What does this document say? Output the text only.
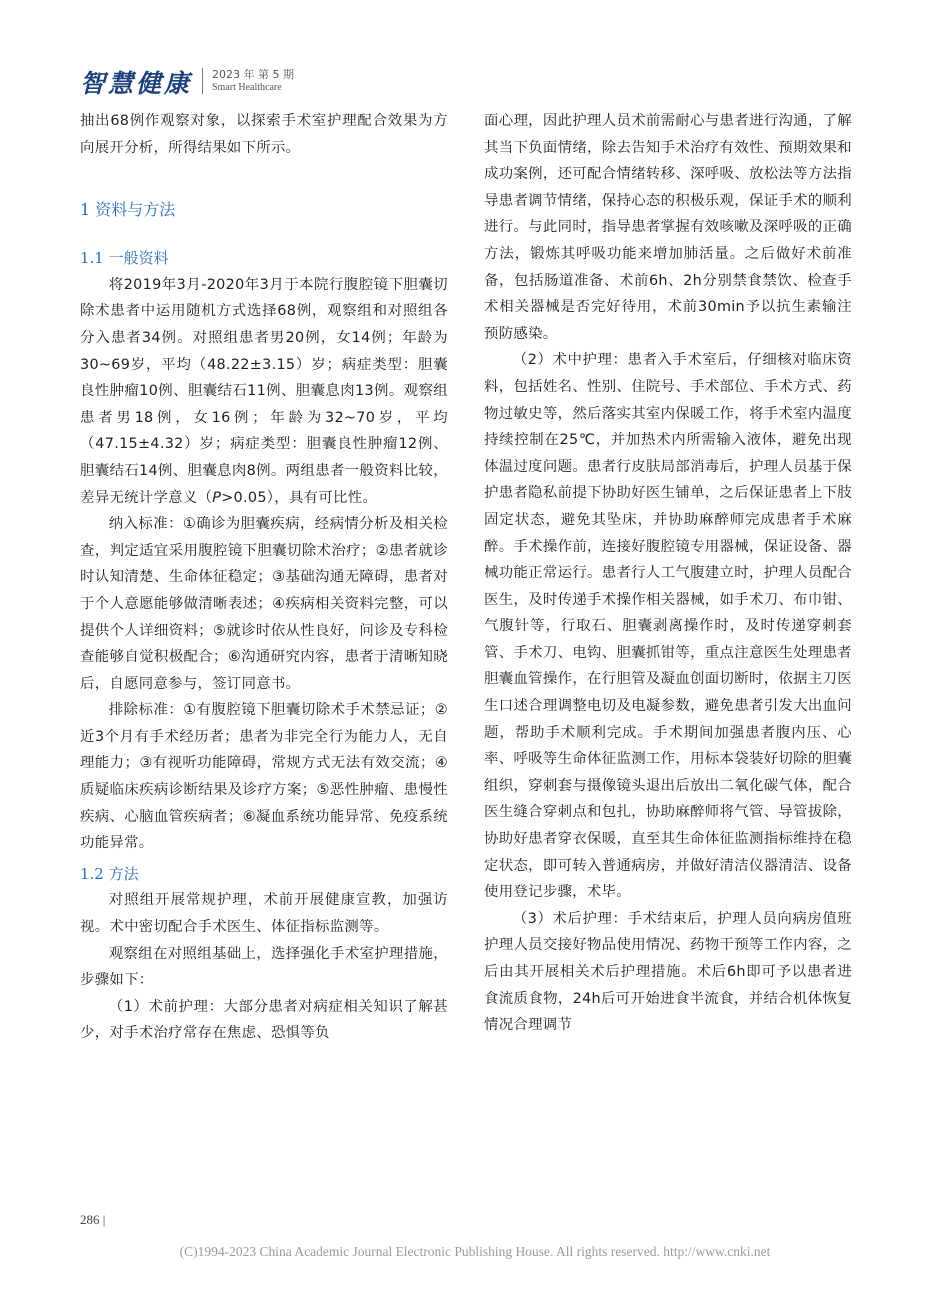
智慧健康 2023 年 第 5 期
Smart Healthcare

抽出68例作观察对象，以探索手术室护理配合效果为方向展开分析，所得结果如下所示。

1 资料与方法
1.1 一般资料

将2019年3月-2020年3月于本院行腹腔镜下胆囊切除术患者中运用随机方式选择68例，观察组和对照组各分入患者34例。对照组患者男20例，女14例；年龄为30~69岁，平均（48.22±3.15）岁；病症类型：胆囊良性肿瘤10例、胆囊结石11例、胆囊息肉13例。观察组患者男18例，女16例；年龄为32~70岁，平均（47.15±4.32）岁；病症类型：胆囊良性肿瘤12例、胆囊结石14例、胆囊息肉8例。两组患者一般资料比较，差异无统计学意义（P>0.05），具有可比性。

纳入标准：①确诊为胆囊疾病，经病情分析及相关检查，判定适宜采用腹腔镜下胆囊切除术治疗；②患者就诊时认知清楚、生命体征稳定；③基础沟通无障碍，患者对于个人意愿能够做清晰表述；④疾病相关资料完整，可以提供个人详细资料；⑤就诊时依从性良好，问诊及专科检查能够自觉积极配合；⑥沟通研究内容，患者于清晰知晓后，自愿同意参与，签订同意书。

排除标准：①有腹腔镜下胆囊切除术手术禁忌证；②近3个月有手术经历者；患者为非完全行为能力人，无自理能力；③有视听功能障碍，常规方式无法有效交流；④质疑临床疾病诊断结果及诊疗方案；⑤恶性肿瘤、患慢性疾病、心脑血管疾病者；⑥凝血系统功能异常、免疫系统功能异常。

1.2 方法

对照组开展常规护理，术前开展健康宣教，加强访视。术中密切配合手术医生、体征指标监测等。

观察组在对照组基础上，选择强化手术室护理措施，步骤如下：

（1）术前护理：大部分患者对病症相关知识了解甚少，对手术治疗常存在焦虑、恐惧等负

面心理，因此护理人员术前需耐心与患者进行沟通，了解其当下负面情绪，除去告知手术治疗有效性、预期效果和成功案例，还可配合情绪转移、深呼吸、放松法等方法指导患者调节情绪，保持心态的积极乐观，保证手术的顺利进行。与此同时，指导患者掌握有效咳嗽及深呼吸的正确方法，锻炼其呼吸功能来增加肺活量。之后做好术前准备，包括肠道准备、术前6h、2h分别禁食禁饮、检查手术相关器械是否完好待用，术前30min予以抗生素输注预防感染。

（2）术中护理：患者入手术室后，仔细核对临床资料，包括姓名、性别、住院号、手术部位、手术方式、药物过敏史等，然后落实其室内保暖工作，将手术室内温度持续控制在25℃，并加热术内所需输入液体，避免出现体温过度问题。患者行皮肤局部消毒后，护理人员基于保护患者隐私前提下协助好医生铺单，之后保证患者上下肢固定状态，避免其坠床，并协助麻醉师完成患者手术麻醉。手术操作前，连接好腹腔镜专用器械，保证设备、器械功能正常运行。患者行人工气腹建立时，护理人员配合医生，及时传递手术操作相关器械，如手术刀、布巾钳、气腹针等，行取石、胆囊剥离操作时，及时传递穿刺套管、手术刀、电钩、胆囊抓钳等，重点注意医生处理患者胆囊血管操作，在行胆管及凝血创面切断时，依据主刀医生口述合理调整电切及电凝参数，避免患者引发大出血问题，帮助手术顺利完成。手术期间加强患者腹内压、心率、呼吸等生命体征监测工作，用标本袋装好切除的胆囊组织，穿刺套与摄像镜头退出后放出二氧化碳气体，配合医生缝合穿刺点和包扎，协助麻醉师将气管、导管拔除，协助好患者穿衣保暖，直至其生命体征监测指标维持在稳定状态，即可转入普通病房，并做好清洁仪器清洁、设备使用登记步骤，术毕。

（3）术后护理：手术结束后，护理人员向病房值班护理人员交接好物品使用情况、药物干预等工作内容，之后由其开展相关术后护理措施。术后6h即可予以患者进食流质食物，24h后可开始进食半流食，并结合机体恢复情况合理调节

286 |
(C)1994-2023 China Academic Journal Electronic Publishing House. All rights reserved. http://www.cnki.net
